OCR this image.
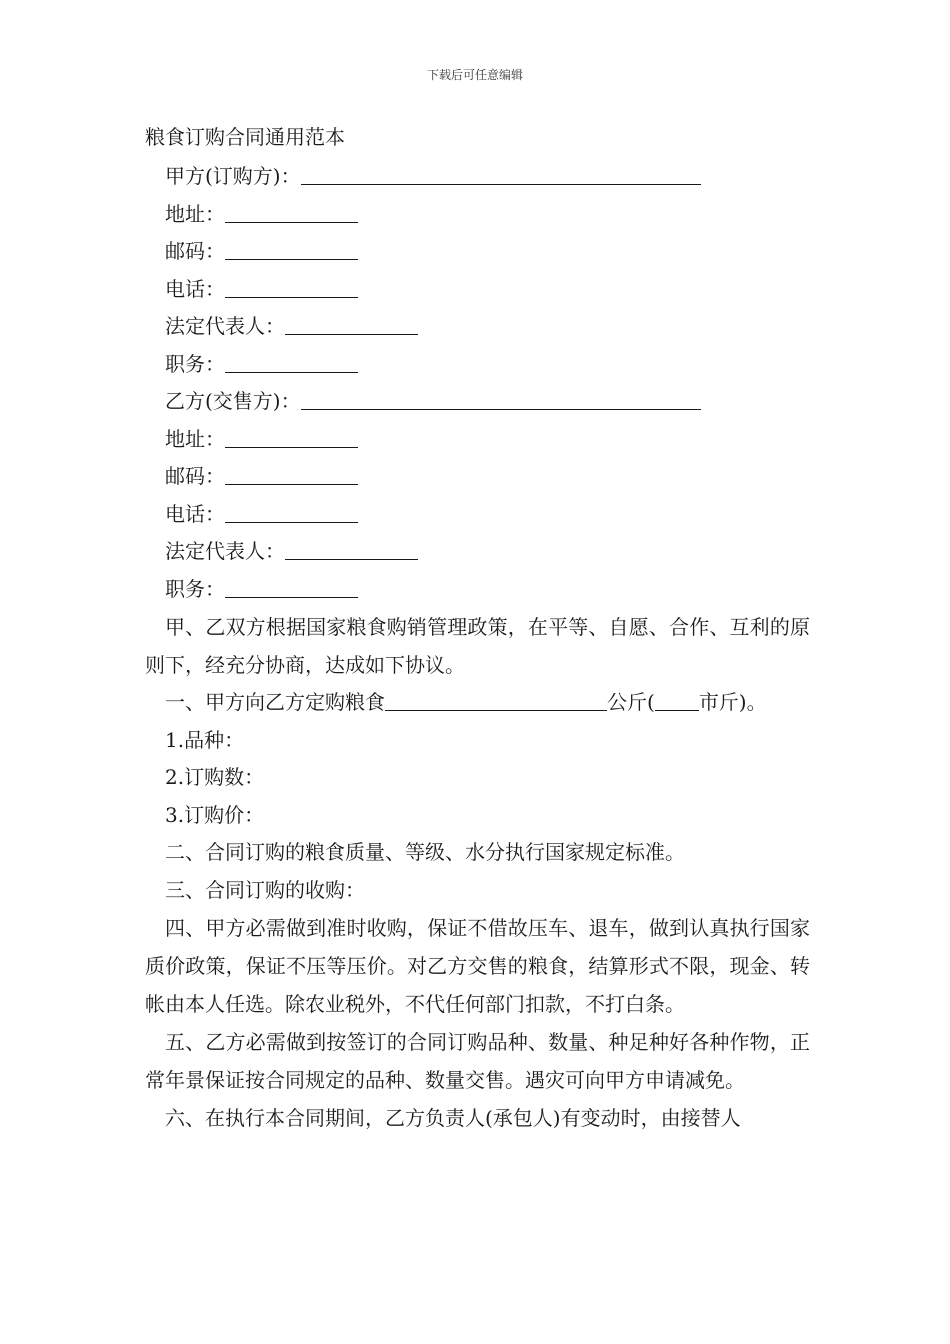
下载后可任意编辑
粮食订购合同通用范本
甲方(订购方)：
地址：
邮码：
电话：
法定代表人：
职务：
乙方(交售方)：
地址：
邮码：
电话：
法定代表人：
职务：

甲、乙双方根据国家粮食购销管理政策，在平等、自愿、合作、互利的原则下，经充分协商，达成如下协议。

一、甲方向乙方定购粮食	公斤( 市斤)。
1.品种：
2.订购数：
3.订购价：
二、合同订购的粮食质量、等级、水分执行国家规定标准。
三、合同订购的收购：

四、甲方必需做到准时收购，保证不借故压车、退车，做到认真执行国家质价政策，保证不压等压价。对乙方交售的粮食，结算形式不限，现金、转帐由本人任选。除农业税外，不代任何部门扣款，不打白条。

五、乙方必需做到按签订的合同订购品种、数量、种足种好各种作物，正常年景保证按合同规定的品种、数量交售。遇灾可向甲方申请减免。

六、在执行本合同期间，乙方负责人(承包人)有变动时，由接替人
